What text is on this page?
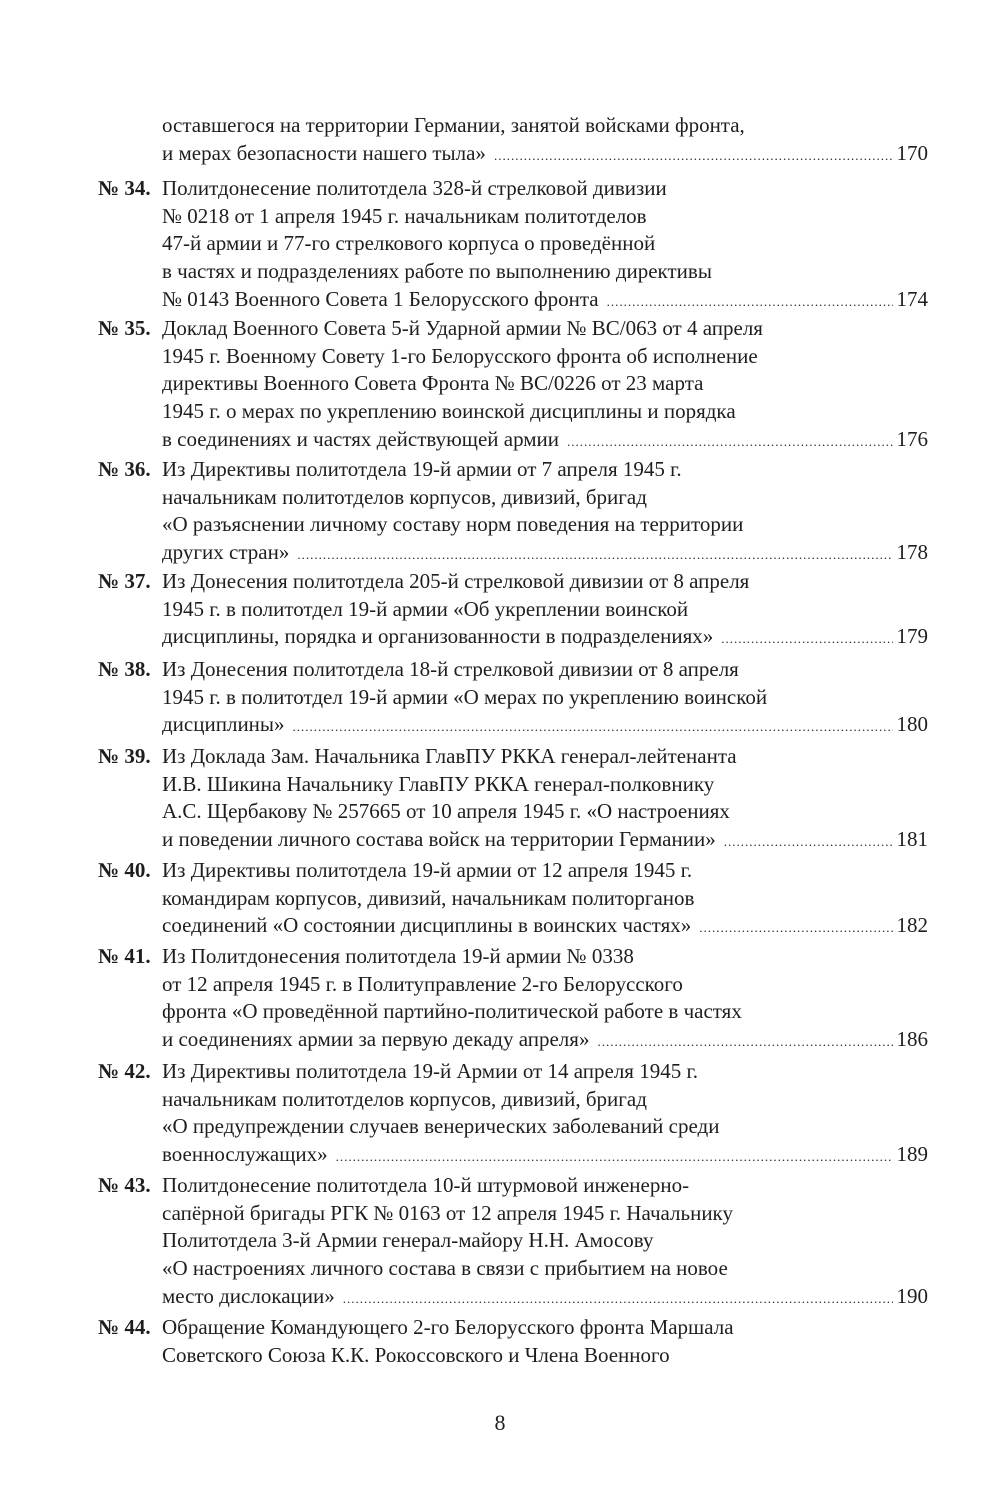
оставшегося на территории Германии, занятой войсками фронта,
и мерах безопасности нашего тыла» .....	170
№ 34. Политдонесение политотдела 328-й стрелковой дивизии
№ 0218 от 1 апреля 1945 г. начальникам политотделов
47-й армии и 77-го стрелкового корпуса о проведённой
в частях и подразделениях работе по выполнению директивы
№ 0143 Военного Совета 1 Белорусского фронта .....	174
№ 35. Доклад Военного Совета 5-й Ударной армии № ВС/063 от 4 апреля
1945 г. Военному Совету 1-го Белорусского фронта об исполнение
директивы Военного Совета Фронта № ВС/0226 от 23 марта
1945 г. о мерах по укреплению воинской дисциплины и порядка
в соединениях и частях действующей армии .....	176
№ 36. Из Директивы политотдела 19-й армии от 7 апреля 1945 г.
начальникам политотделов корпусов, дивизий, бригад
«О разъяснении личному составу норм поведения на территории
других стран» .....	178
№ 37. Из Донесения политотдела 205-й стрелковой дивизии от 8 апреля
1945 г. в политотдел 19-й армии «Об укреплении воинской
дисциплины, порядка и организованности в подразделениях» .....	179
№ 38. Из Донесения политотдела 18-й стрелковой дивизии от 8 апреля
1945 г. в политотдел 19-й армии «О мерах по укреплению воинской
дисциплины» .....	180
№ 39. Из Доклада Зам. Начальника ГлавПУ РККА генерал-лейтенанта
И.В. Шикина Начальнику ГлавПУ РККА генерал-полковнику
А.С. Щербакову № 257665 от 10 апреля 1945 г. «О настроениях
и поведении личного состава войск на территории Германии» .....	181
№ 40. Из Директивы политотдела 19-й армии от 12 апреля 1945 г.
командирам корпусов, дивизий, начальникам политорганов
соединений «О состоянии дисциплины в воинских частях» .....	182
№ 41. Из Политдонесения политотдела 19-й армии № 0338
от 12 апреля 1945 г. в Политуправление 2-го Белорусского
фронта «О проведённой партийно-политической работе в частях
и соединениях армии за первую декаду апреля» .....	186
№ 42. Из Директивы политотдела 19-й Армии от 14 апреля 1945 г.
начальникам политотделов корпусов, дивизий, бригад
«О предупреждении случаев венерических заболеваний среди
военнослужащих» .....	189
№ 43. Политдонесение политотдела 10-й штурмовой инженерно-
сапёрной бригады РГК № 0163 от 12 апреля 1945 г. Начальнику
Политотдела 3-й Армии генерал-майору Н.Н. Амосову
«О настроениях личного состава в связи с прибытием на новое
место дислокации» .....	190
№ 44. Обращение Командующего 2-го Белорусского фронта Маршала
Советского Союза К.К. Рокоссовского и Члена Военного
8
